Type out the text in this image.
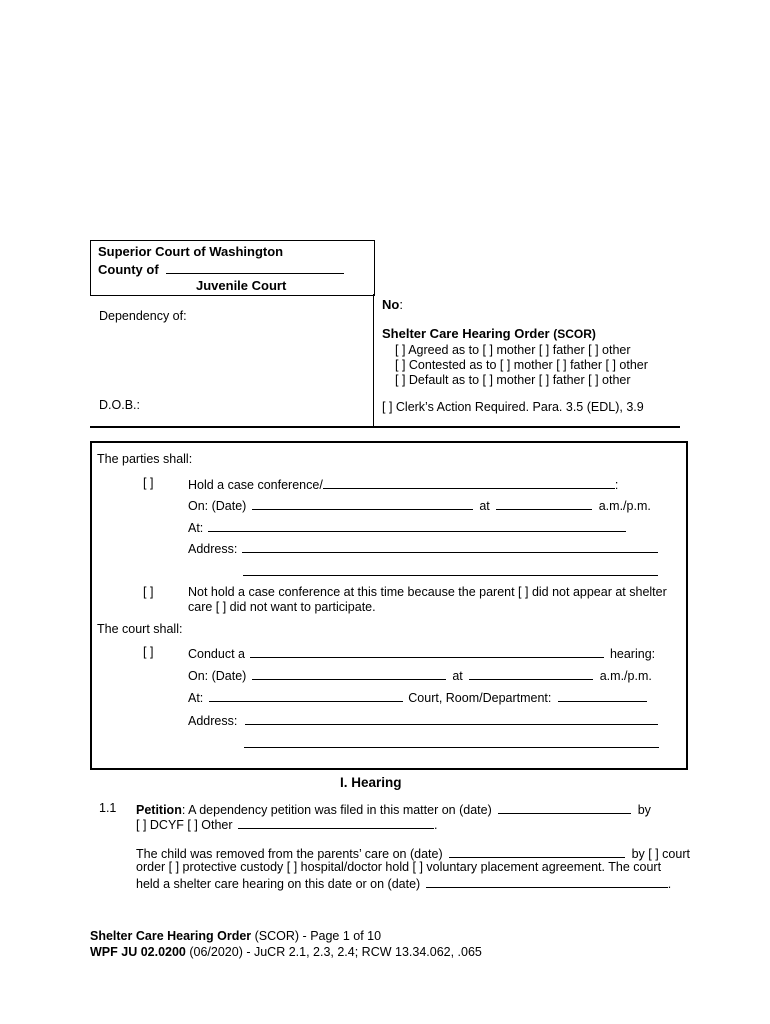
Superior Court of Washington
County of
Juvenile Court
Dependency of:
D.O.B.:
No:
Shelter Care Hearing Order (SCOR)
[ ] Agreed as to [ ] mother [ ] father [ ] other
[ ] Contested as to [ ] mother [ ] father [ ] other
[ ] Default as to [ ] mother [ ] father [ ] other
[ ] Clerk’s Action Required. Para. 3.5 (EDL), 3.9
The parties shall:
[ ]	Hold a case conference/	:
On: (Date)	at	a.m./p.m.
At:
Address:
[ ]	Not hold a case conference at this time because the parent [ ] did not appear at shelter
care [ ] did not want to participate.
The court shall:
[ ]	Conduct a	hearing:
On: (Date)	at	a.m./p.m.
At:	Court, Room/Department:
Address:
I. Hearing
1.1 Petition: A dependency petition was filed in this matter on (date)	by
[ ] DCYF [ ] Other	.
The child was removed from the parents’ care on (date)	by [ ] court
order [ ] protective custody [ ] hospital/doctor hold [ ] voluntary placement agreement. The court
held a shelter care hearing on this date or on (date)	.
Shelter Care Hearing Order (SCOR) - Page 1 of 10
WPF JU 02.0200 (06/2020) - JuCR 2.1, 2.3, 2.4; RCW 13.34.062, .065
